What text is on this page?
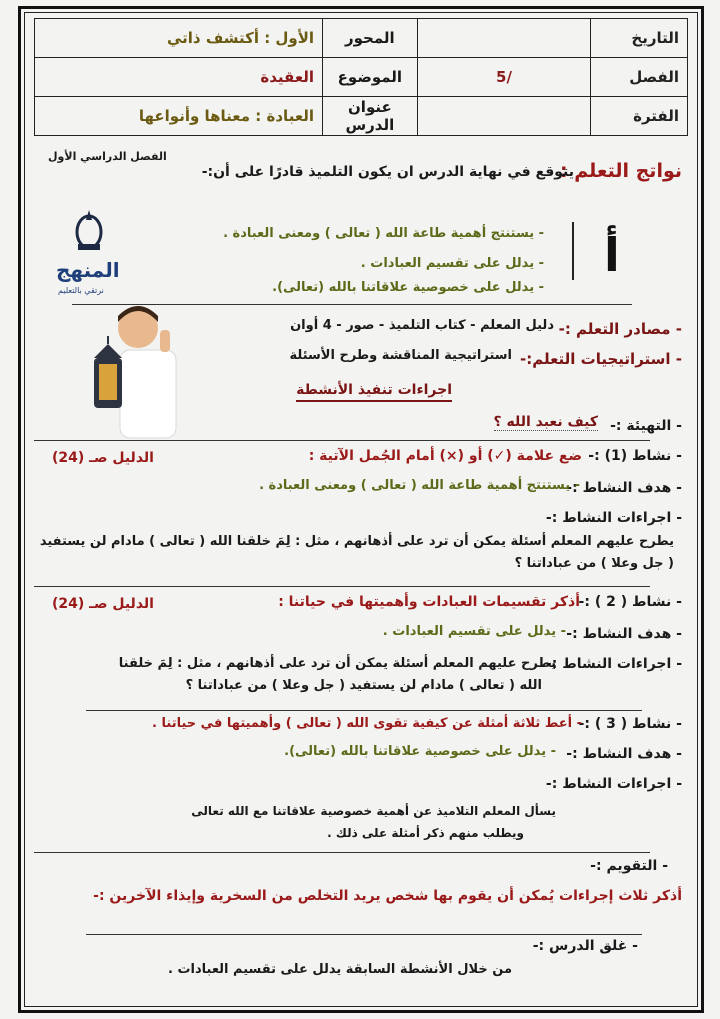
التاريخ		المحور	الأول : أكتشف ذاتي
الفصل	/5	الموضوع	العقيدة
الفترة		عنوان الدرس	العبادة : معناها وأنواعها
الفصل الدراسي الأول
نواتج التعلم :
يتوقع في نهاية الدرس ان يكون التلميذ قادرًا على أن:-
أ
- يستنتج أهمية طاعة الله ( تعالى ) ومعنى العبادة .
- يدلل على تقسيم العبادات .
- يدلل على خصوصية علاقاتنا بالله (تعالى).
المنهج
نرتقي بالتعليم
- مصادر التعلم :-
دليل المعلم - كتاب التلميذ - صور - 4 أوان
- استراتيجيات التعلم:-
استراتيجية المناقشة وطرح الأسئلة
اجراءات تنفيذ الأنشطة
- التهيئة :-
كيف نعبد الله ؟
- نشاط (1) :-
ضع علامة (✓) أو (×) أمام الجُمل الآتية :
الدليل صـ (24)
- هدف النشاط :-
- يستنتج أهمية طاعة الله ( تعالى ) ومعنى العبادة .
- اجراءات النشاط :-
يطرح عليهم المعلم أسئلة يمكن أن ترد على أذهانهم ، مثل : لِمَ خلقنا الله ( تعالى ) مادام لن يستفيد
( جل وعلا ) من عباداتنا ؟
- نشاط ( 2 ) :-
أذكر تقسيمات العبادات وأهميتها في حياتنا :
الدليل صـ (24)
- هدف النشاط :-
- يدلل على تقسيم العبادات .
- اجراءات النشاط :-
يطرح عليهم المعلم أسئلة يمكن أن ترد على أذهانهم ، مثل : لِمَ خلقنا
الله ( تعالى ) مادام لن يستفيد ( جل وعلا ) من عباداتنا ؟
- نشاط ( 3 ) :-
- أعط ثلاثة أمثلة عن كيفية تقوى الله ( تعالى ) وأهميتها في حياتنا .
- هدف النشاط :-
- يدلل على خصوصية علاقاتنا بالله (تعالى).
- اجراءات النشاط :-
يسأل المعلم التلاميذ عن أهمية خصوصية علاقاتنا مع الله تعالى
ويطلب منهم ذكر أمثلة على ذلك .
- التقويم :-
أذكر ثلاث إجراءات يُمكن أن يقوم بها شخص يريد التخلص من السخرية وإيذاء الآخرين :-
- غلق الدرس :-
من خلال الأنشطة السابقة يدلل على تقسيم العبادات .
